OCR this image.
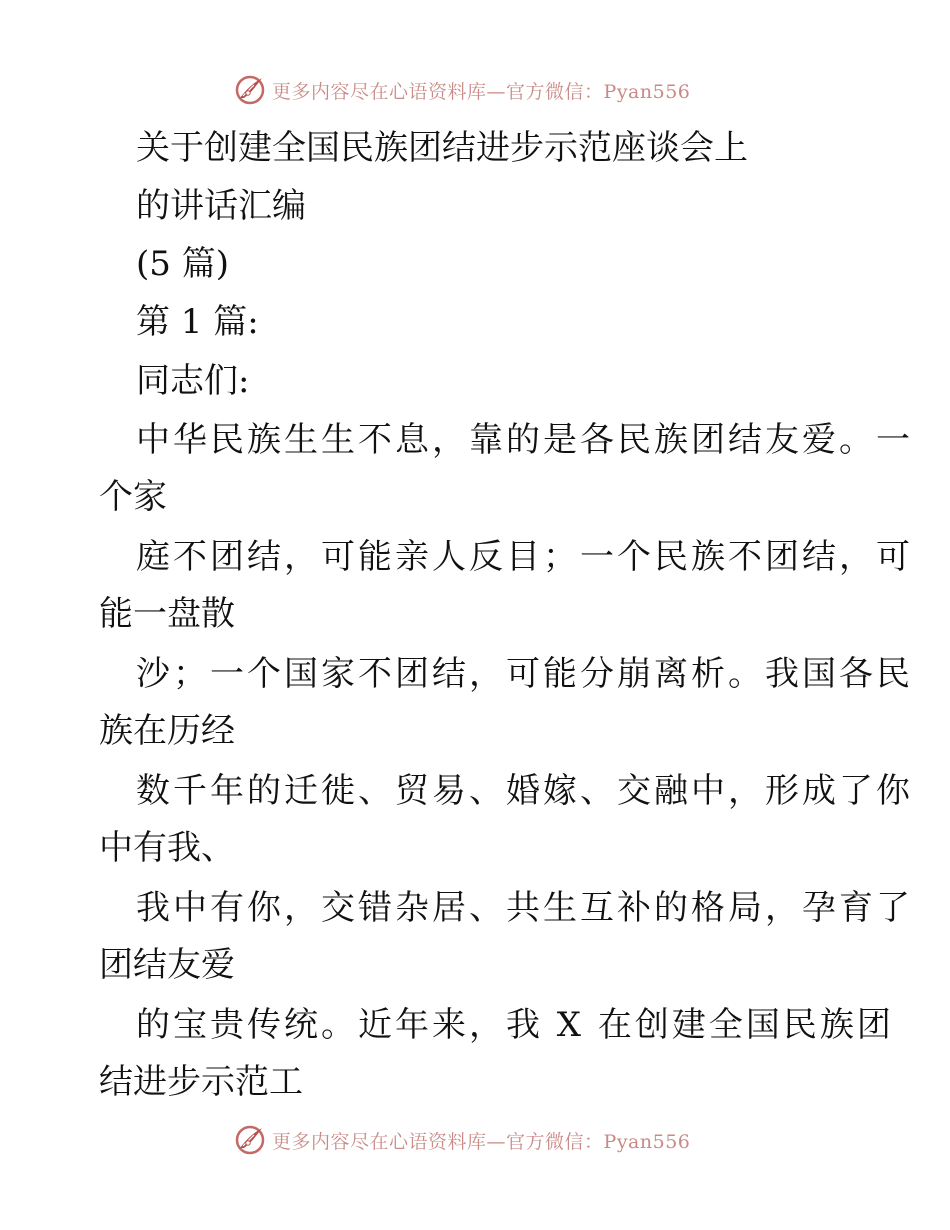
更多内容尽在心语资料库—官方微信：Pyan556
关于创建全国民族团结进步示范座谈会上
的讲话汇编
(5 篇)
第 1 篇:
同志们:
中华民族生生不息，靠的是各民族团结友爱。一
个家
庭不团结，可能亲人反目；一个民族不团结，可
能一盘散
沙；一个国家不团结，可能分崩离析。我国各民
族在历经
数千年的迁徙、贸易、婚嫁、交融中，形成了你
中有我、
我中有你，交错杂居、共生互补的格局，孕育了
团结友爱
的宝贵传统。近年来，我 X 在创建全国民族团
结进步示范工
更多内容尽在心语资料库—官方微信：Pyan556
